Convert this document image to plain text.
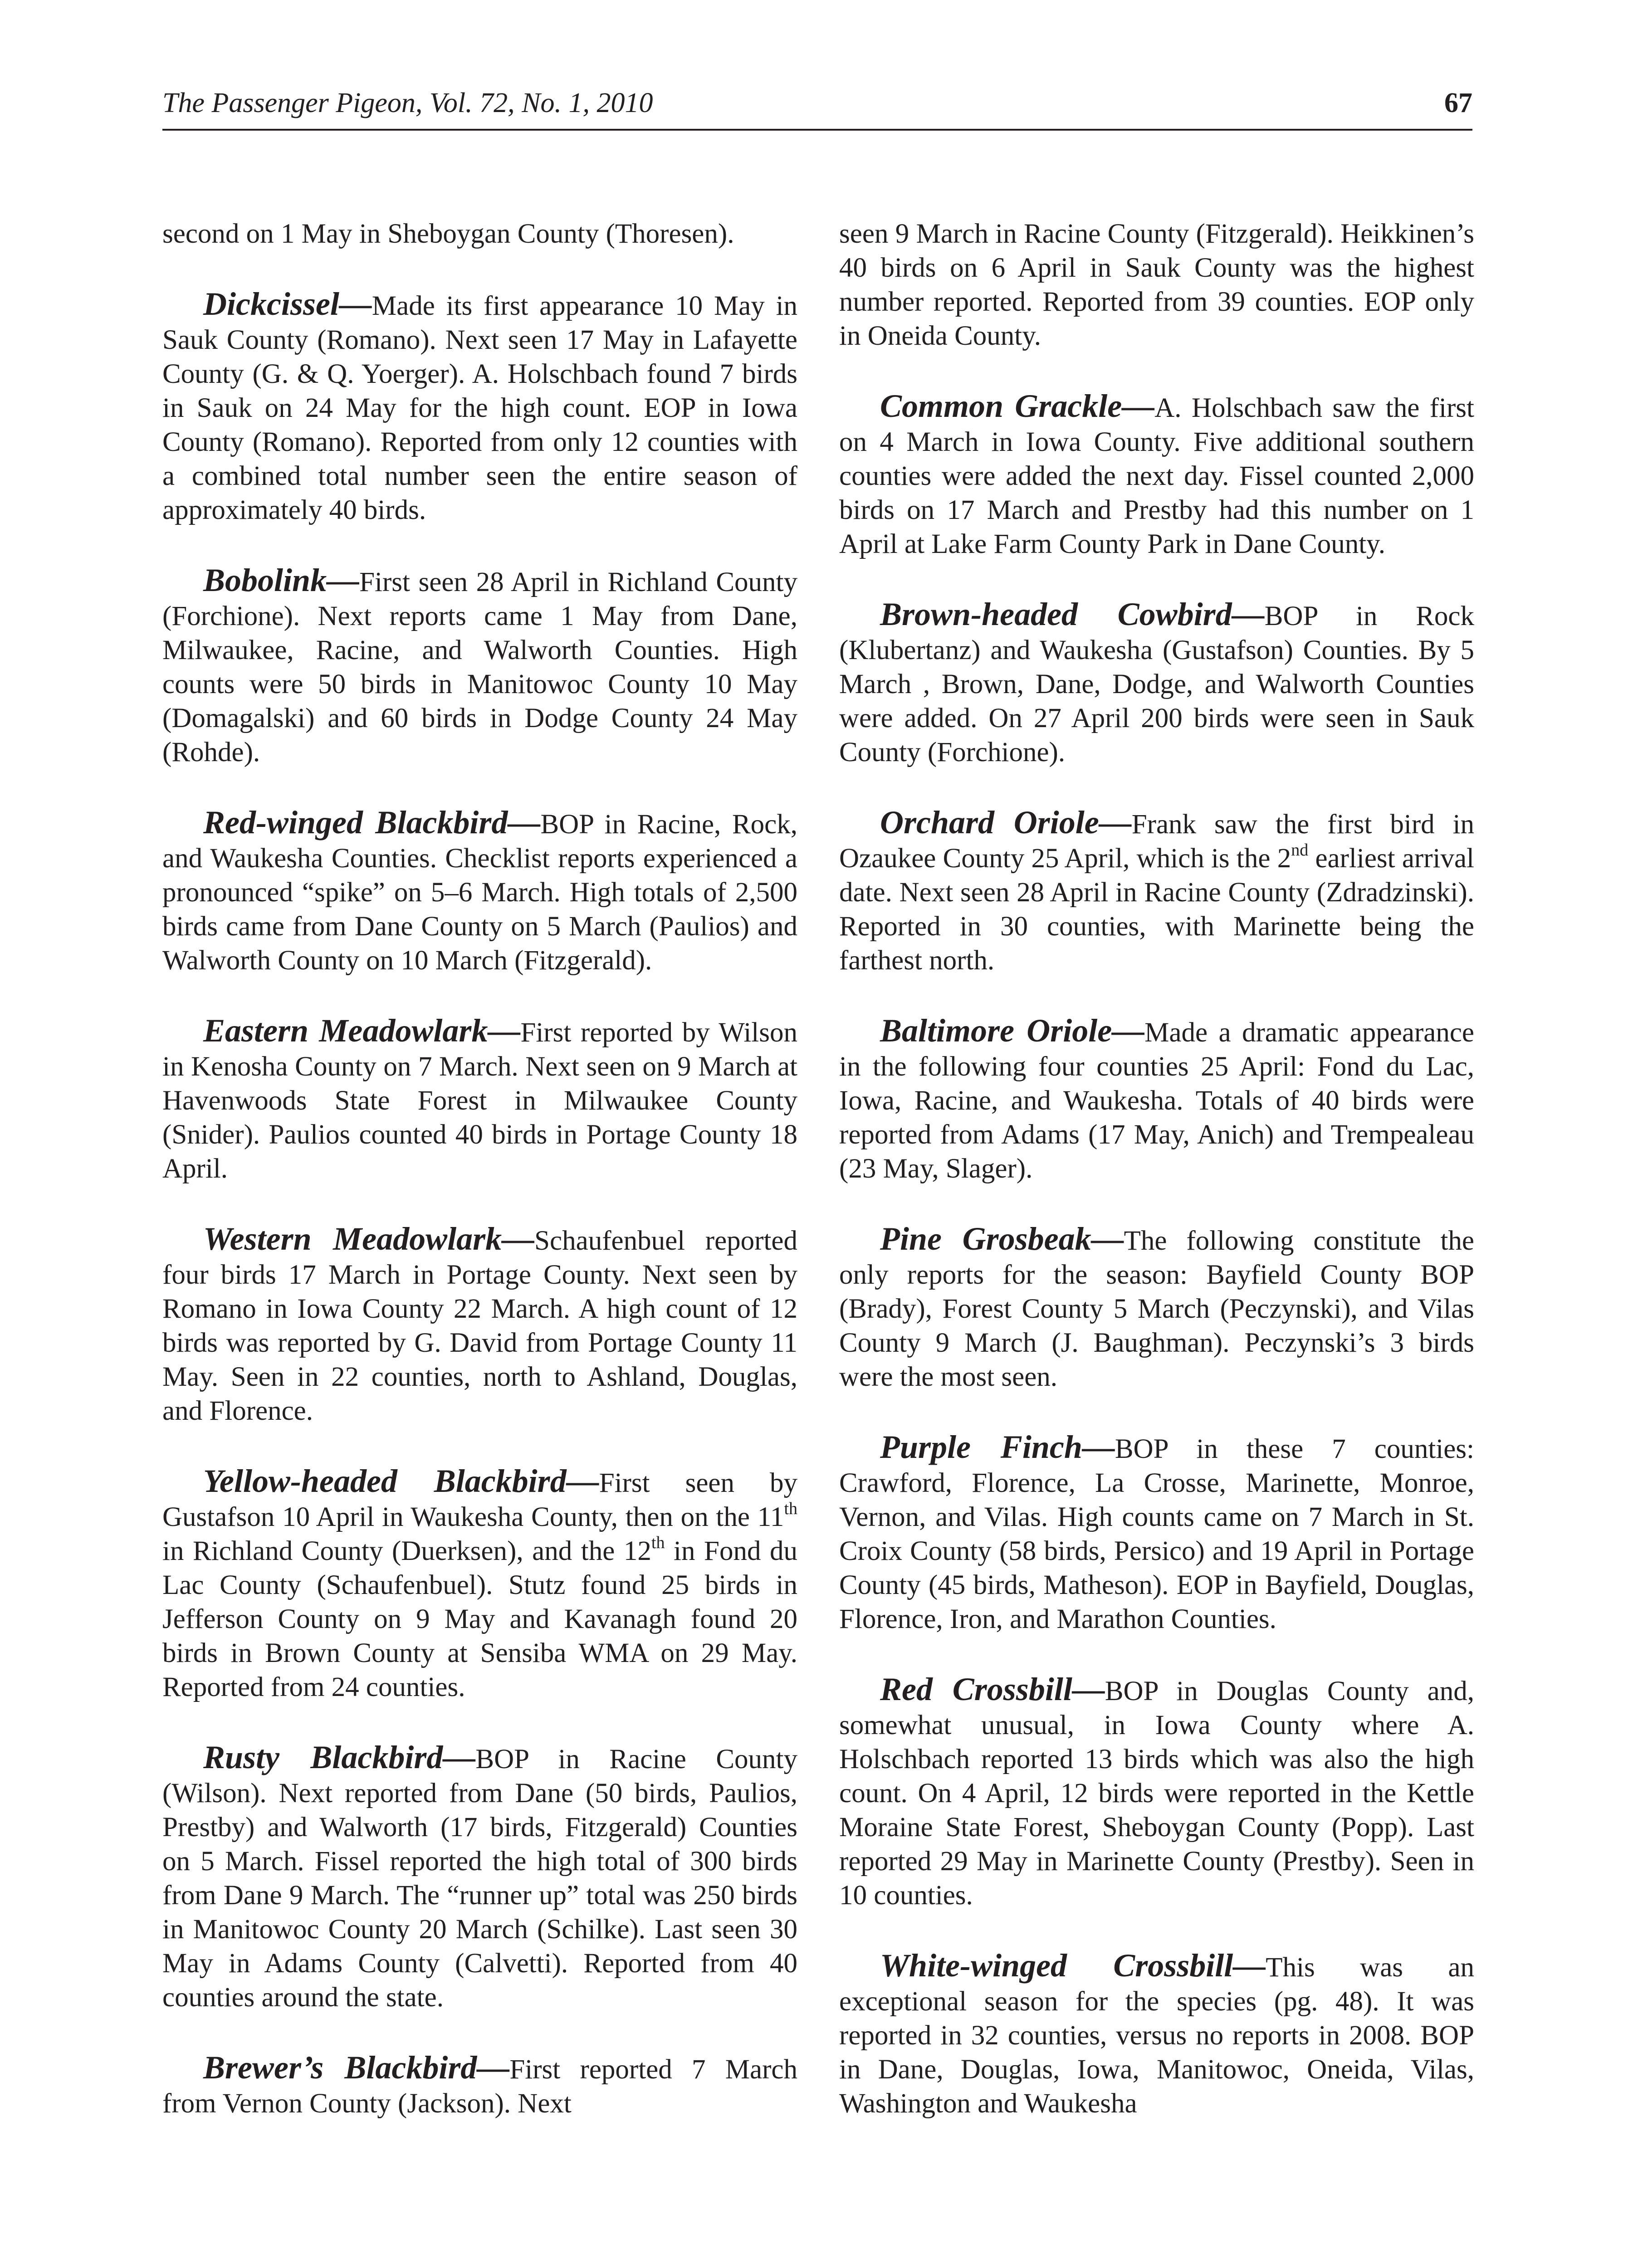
The Passenger Pigeon, Vol. 72, No. 1, 2010	67

second on 1 May in Sheboygan County (Thoresen).

Dickcissel—Made its first appearance 10 May in Sauk County (Romano). Next seen 17 May in Lafayette County (G. & Q. Yoerger). A. Holschbach found 7 birds in Sauk on 24 May for the high count. EOP in Iowa County (Romano). Reported from only 12 counties with a combined total number seen the entire season of approximately 40 birds.

Bobolink—First seen 28 April in Richland County (Forchione). Next reports came 1 May from Dane, Milwaukee, Racine, and Walworth Counties. High counts were 50 birds in Manitowoc County 10 May (Domagalski) and 60 birds in Dodge County 24 May (Rohde).

Red-winged Blackbird—BOP in Racine, Rock, and Waukesha Counties. Checklist reports experienced a pronounced “spike” on 5–6 March. High totals of 2,500 birds came from Dane County on 5 March (Paulios) and Walworth County on 10 March (Fitzgerald).

Eastern Meadowlark—First reported by Wilson in Kenosha County on 7 March. Next seen on 9 March at Havenwoods State Forest in Milwaukee County (Snider). Paulios counted 40 birds in Portage County 18 April.

Western Meadowlark—Schaufenbuel reported four birds 17 March in Portage County. Next seen by Romano in Iowa County 22 March. A high count of 12 birds was reported by G. David from Portage County 11 May. Seen in 22 counties, north to Ashland, Douglas, and Florence.

Yellow-headed Blackbird—First seen by Gustafson 10 April in Waukesha County, then on the 11th in Richland County (Duerksen), and the 12th in Fond du Lac County (Schaufenbuel). Stutz found 25 birds in Jefferson County on 9 May and Kavanagh found 20 birds in Brown County at Sensiba WMA on 29 May. Reported from 24 counties.

Rusty Blackbird—BOP in Racine County (Wilson). Next reported from Dane (50 birds, Paulios, Prestby) and Walworth (17 birds, Fitzgerald) Counties on 5 March. Fissel reported the high total of 300 birds from Dane 9 March. The “runner up” total was 250 birds in Manitowoc County 20 March (Schilke). Last seen 30 May in Adams County (Calvetti). Reported from 40 counties around the state.

Brewer’s Blackbird—First reported 7 March from Vernon County (Jackson). Next

seen 9 March in Racine County (Fitzgerald). Heikkinen’s 40 birds on 6 April in Sauk County was the highest number reported. Reported from 39 counties. EOP only in Oneida County.

Common Grackle—A. Holschbach saw the first on 4 March in Iowa County. Five additional southern counties were added the next day. Fissel counted 2,000 birds on 17 March and Prestby had this number on 1 April at Lake Farm County Park in Dane County.

Brown-headed Cowbird—BOP in Rock (Klubertanz) and Waukesha (Gustafson) Counties. By 5 March , Brown, Dane, Dodge, and Walworth Counties were added. On 27 April 200 birds were seen in Sauk County (Forchione).

Orchard Oriole—Frank saw the first bird in Ozaukee County 25 April, which is the 2nd earliest arrival date. Next seen 28 April in Racine County (Zdradzinski). Reported in 30 counties, with Marinette being the farthest north.

Baltimore Oriole—Made a dramatic appearance in the following four counties 25 April: Fond du Lac, Iowa, Racine, and Waukesha. Totals of 40 birds were reported from Adams (17 May, Anich) and Trempealeau (23 May, Slager).

Pine Grosbeak—The following constitute the only reports for the season: Bayfield County BOP (Brady), Forest County 5 March (Peczynski), and Vilas County 9 March (J. Baughman). Peczynski’s 3 birds were the most seen.

Purple Finch—BOP in these 7 counties: Crawford, Florence, La Crosse, Marinette, Monroe, Vernon, and Vilas. High counts came on 7 March in St. Croix County (58 birds, Persico) and 19 April in Portage County (45 birds, Matheson). EOP in Bayfield, Douglas, Florence, Iron, and Marathon Counties.

Red Crossbill—BOP in Douglas County and, somewhat unusual, in Iowa County where A. Holschbach reported 13 birds which was also the high count. On 4 April, 12 birds were reported in the Kettle Moraine State Forest, Sheboygan County (Popp). Last reported 29 May in Marinette County (Prestby). Seen in 10 counties.

White-winged Crossbill—This was an exceptional season for the species (pg. 48). It was reported in 32 counties, versus no reports in 2008. BOP in Dane, Douglas, Iowa, Manitowoc, Oneida, Vilas, Washington and Waukesha
